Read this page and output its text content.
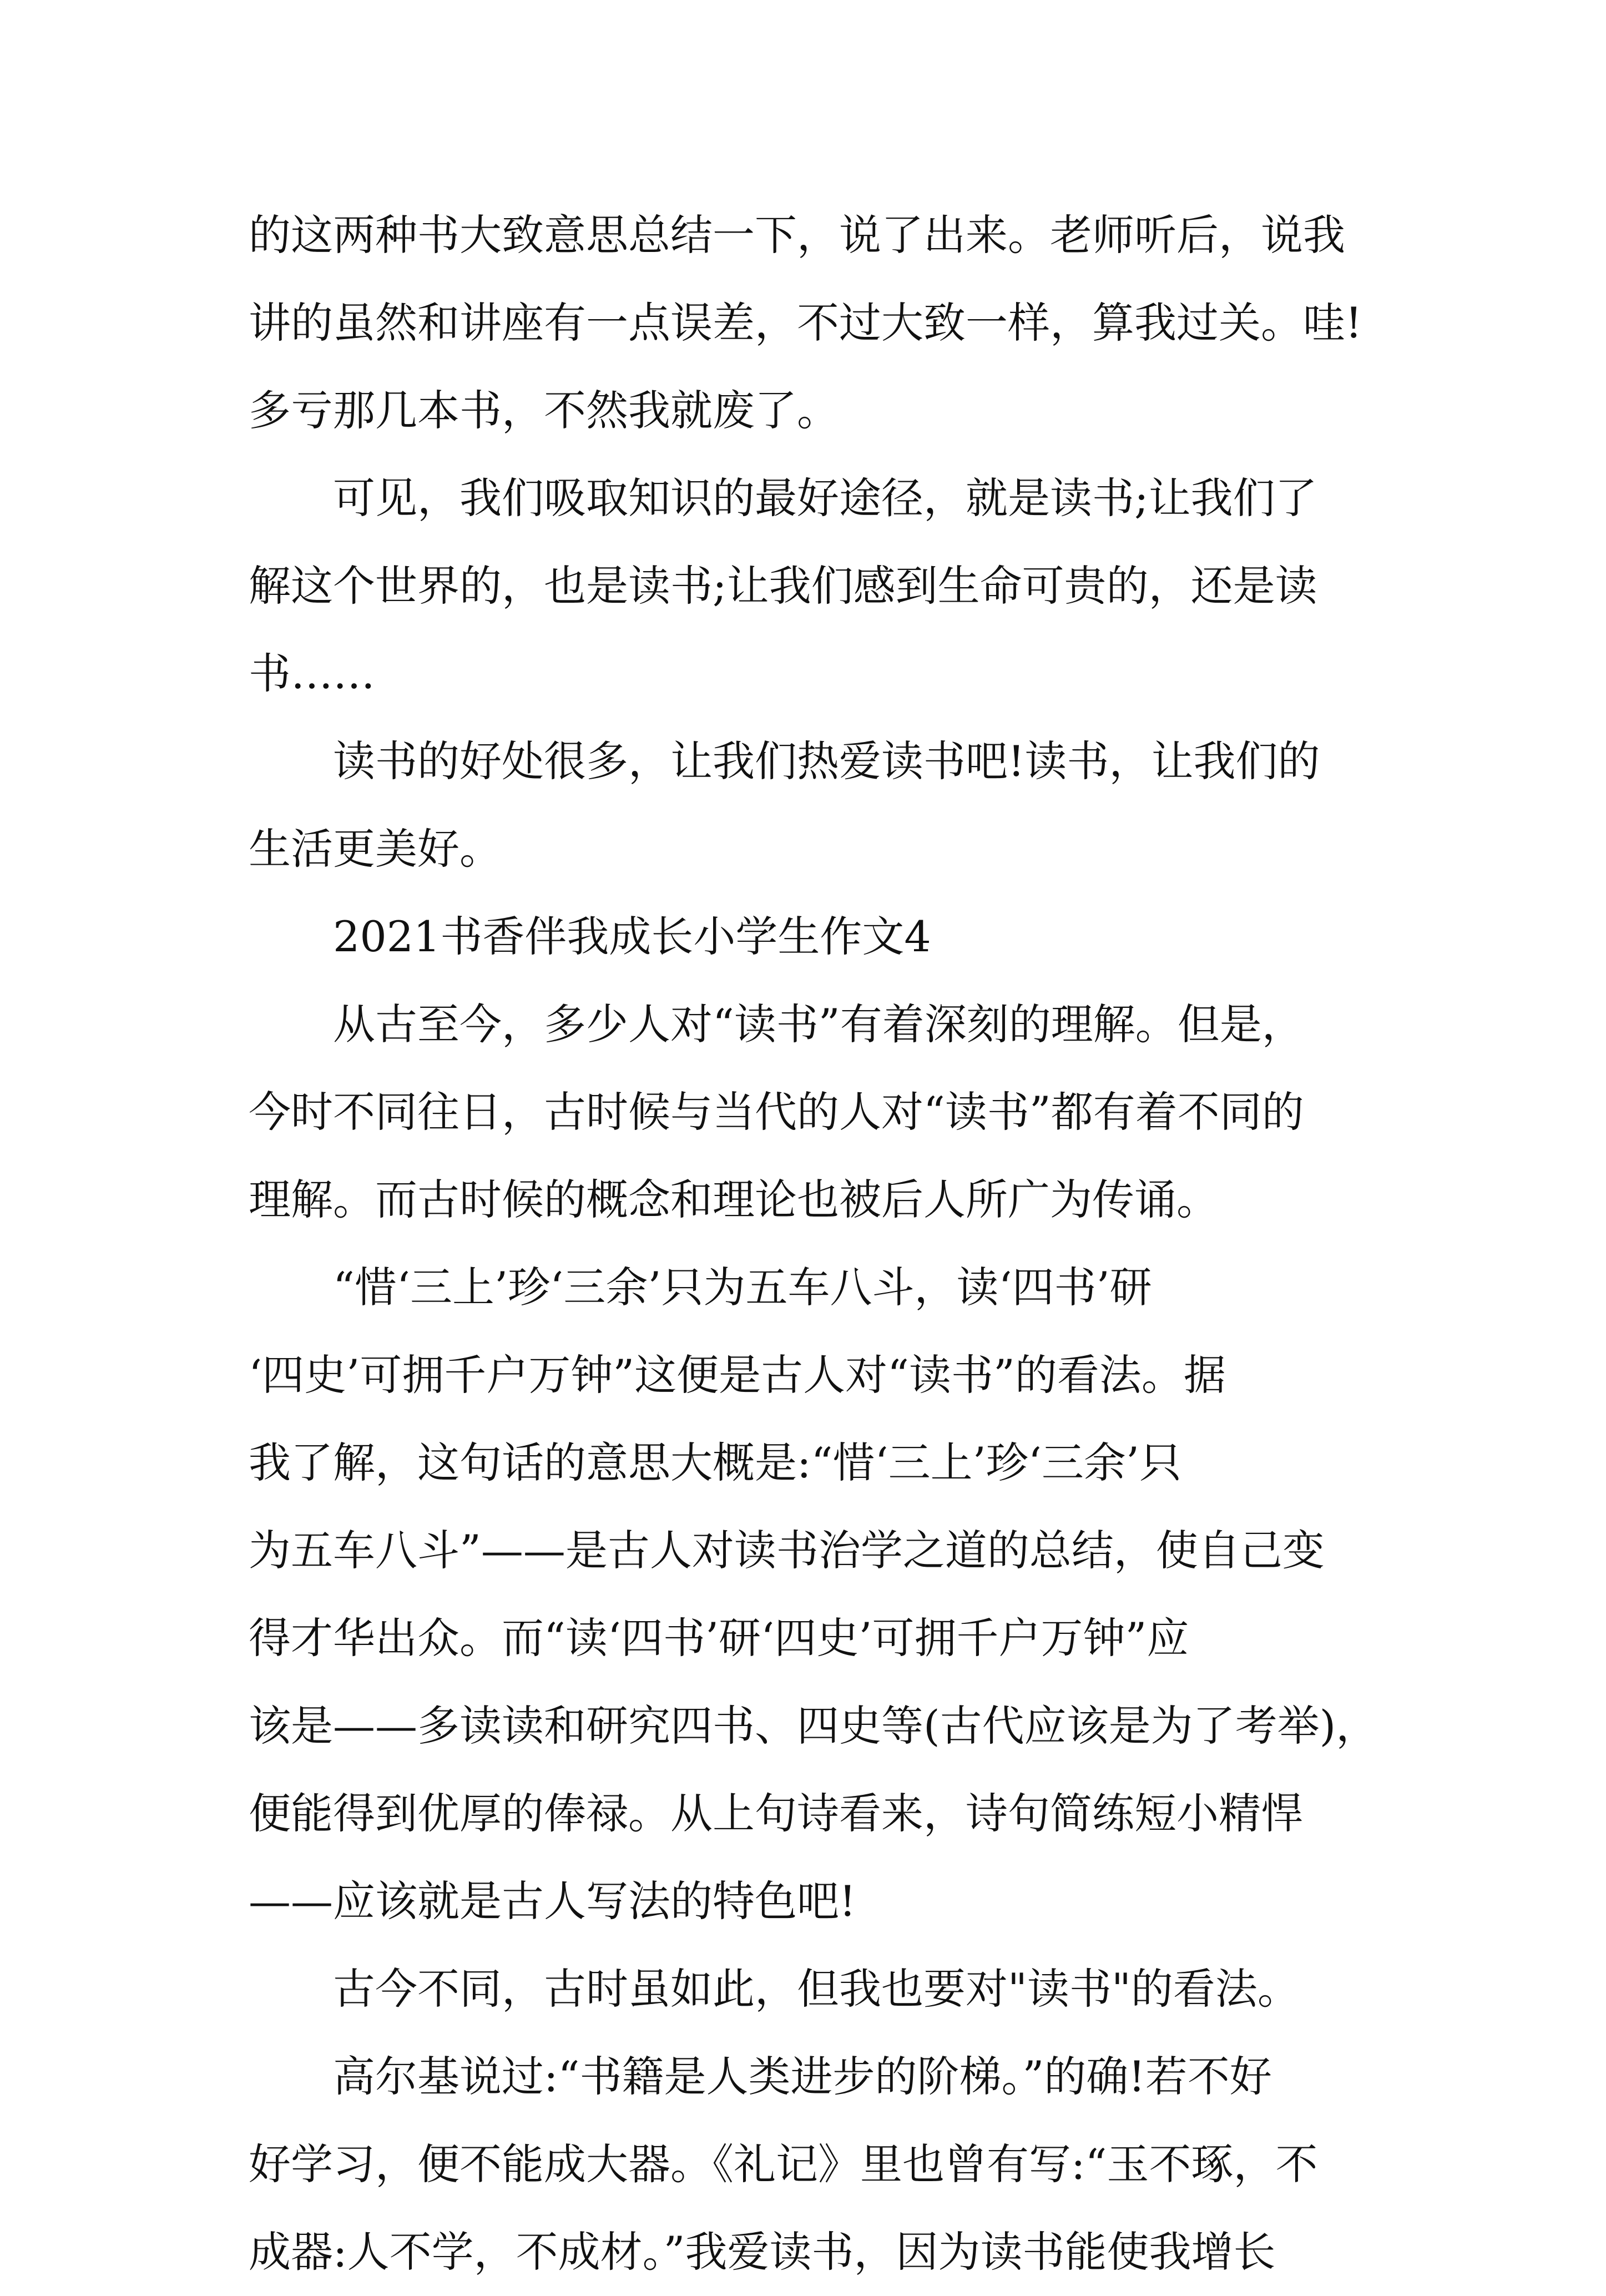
的这两种书大致意思总结一下，说了出来。老师听后，说我
讲的虽然和讲座有一点误差，不过大致一样，算我过关。哇!
多亏那几本书，不然我就废了。
可见，我们吸取知识的最好途径，就是读书;让我们了
解这个世界的，也是读书;让我们感到生命可贵的，还是读
书……
读书的好处很多，让我们热爱读书吧!读书，让我们的
生活更美好。
2021书香伴我成长小学生作文4
从古至今，多少人对“读书”有着深刻的理解。但是，
今时不同往日，古时候与当代的人对“读书”都有着不同的
理解。而古时候的概念和理论也被后人所广为传诵。
“惜‘三上’珍‘三余’只为五车八斗，读‘四书’研
‘四史’可拥千户万钟”这便是古人对“读书”的看法。据
我了解，这句话的意思大概是:“惜‘三上’珍‘三余’只
为五车八斗”——是古人对读书治学之道的总结，使自己变
得才华出众。而“读‘四书’研‘四史’可拥千户万钟”应
该是——多读读和研究四书、四史等(古代应该是为了考举)，
便能得到优厚的俸禄。从上句诗看来，诗句简练短小精悍
——应该就是古人写法的特色吧!
古今不同，古时虽如此，但我也要对"读书"的看法。
高尔基说过:“书籍是人类进步的阶梯。”的确!若不好
好学习，便不能成大器。《礼记》里也曾有写:“玉不琢，不
成器:人不学，不成材。”我爱读书，因为读书能使我增长
